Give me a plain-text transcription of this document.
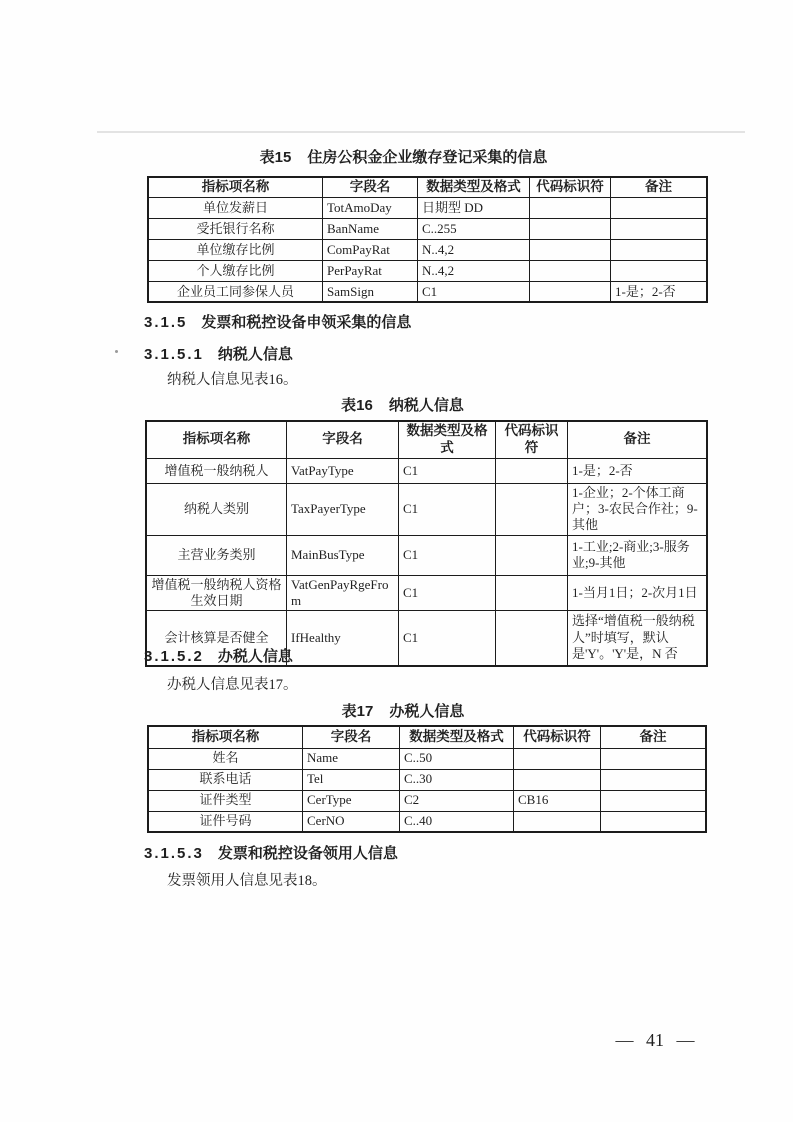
表15 住房公积金企业缴存登记采集的信息
指标项名称	字段名	数据类型及格式	代码标识符	备注
单位发薪日	TotAmoDay	日期型 DD		
受托银行名称	BanName	C..255		
单位缴存比例	ComPayRat	N..4,2		
个人缴存比例	PerPayRat	N..4,2		
企业员工同参保人员	SamSign	C1		1-是；2-否
3.1.5 发票和税控设备申领采集的信息
3.1.5.1 纳税人信息
纳税人信息见表16。
表16 纳税人信息
指标项名称	字段名	数据类型及格式	代码标识符	备注
增值税一般纳税人	VatPayType	C1		1-是；2-否
纳税人类别	TaxPayerType	C1		1-企业；2-个体工商户；3-农民合作社；9-其他
主营业务类别	MainBusType	C1		1-工业;2-商业;3-服务业;9-其他
增值税一般纳税人资格生效日期	VatGenPayRgeFrom	C1		1-当月1日；2-次月1日
会计核算是否健全	IfHealthy	C1		选择“增值税一般纳税人”时填写，默认是'Y'。'Y'是，N 否
3.1.5.2 办税人信息
办税人信息见表17。
表17 办税人信息
指标项名称	字段名	数据类型及格式	代码标识符	备注
姓名	Name	C..50		
联系电话	Tel	C..30		
证件类型	CerType	C2	CB16	
证件号码	CerNO	C..40		
3.1.5.3 发票和税控设备领用人信息
发票领用人信息见表18。
— 41 —
